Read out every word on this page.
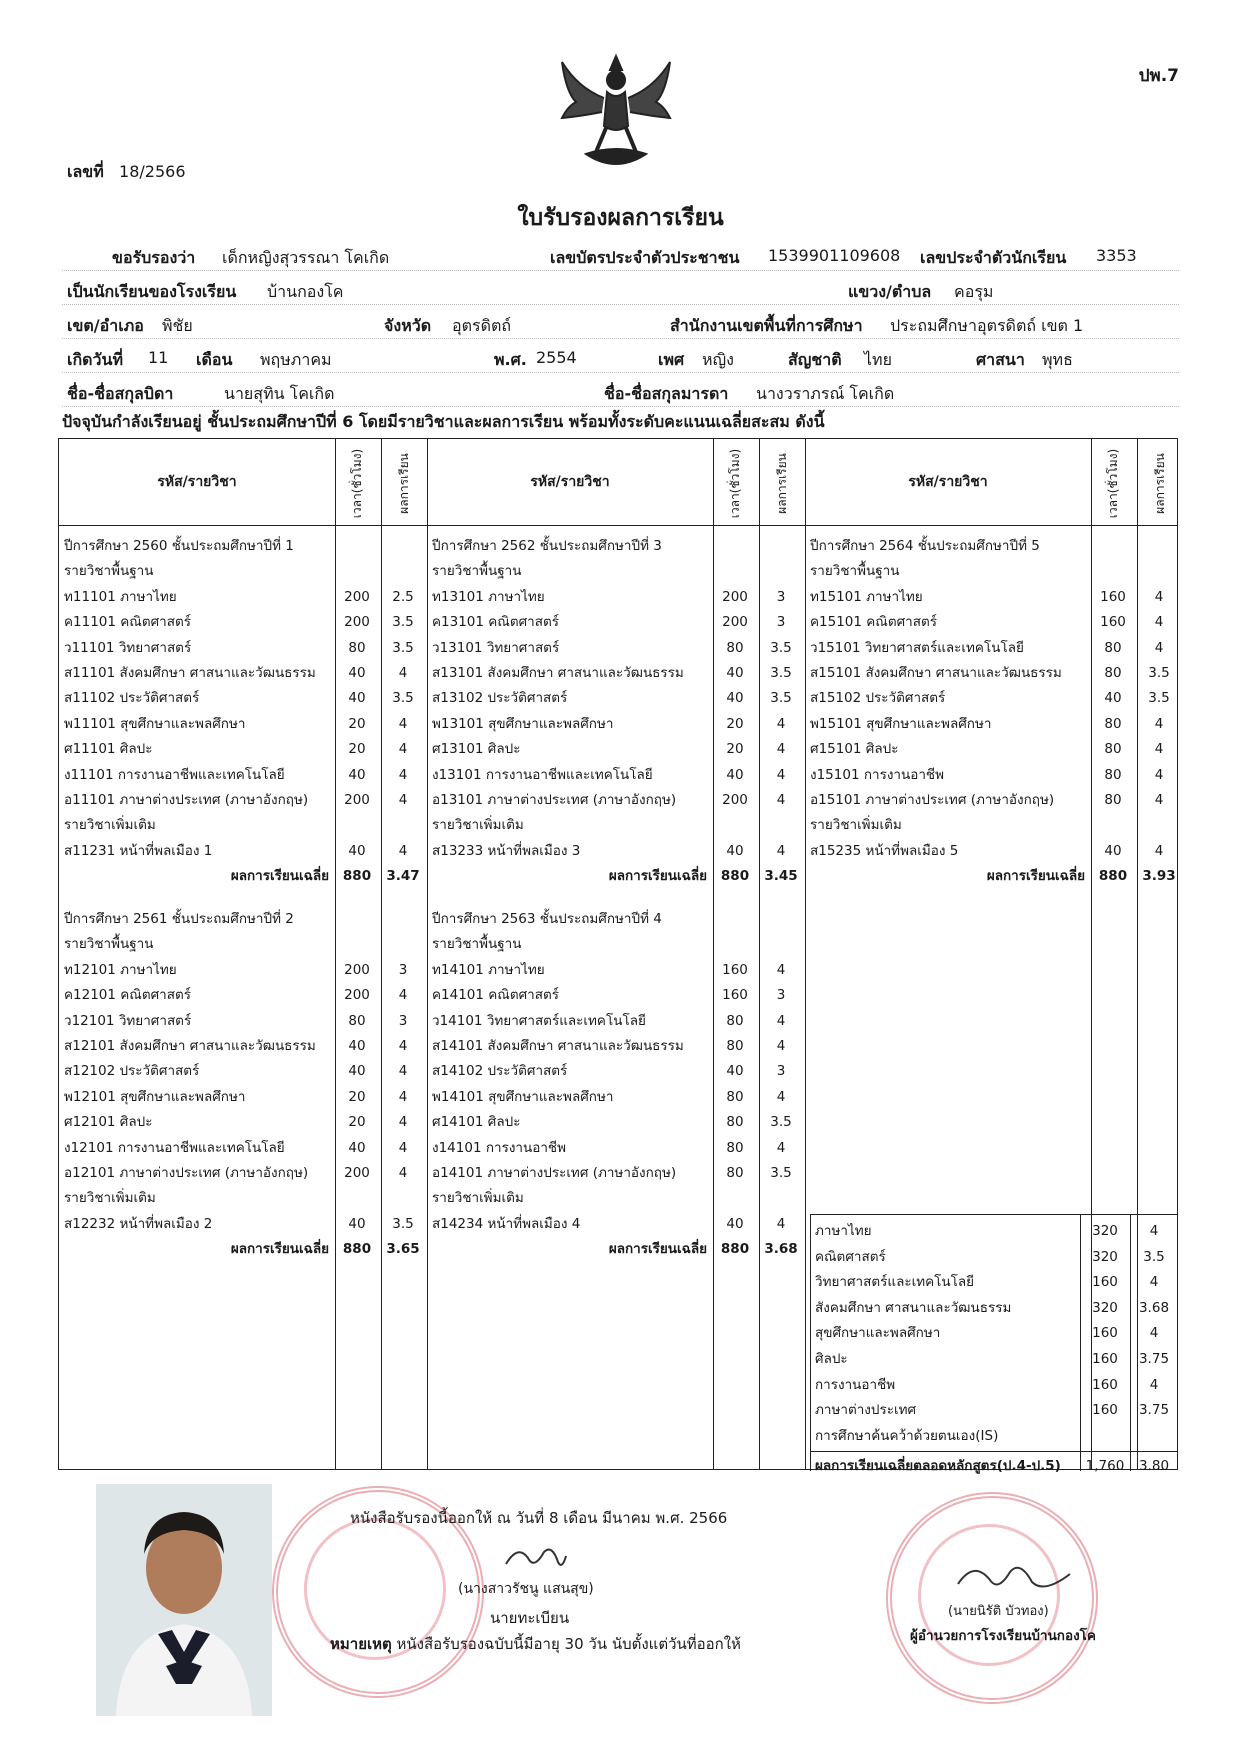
ปพ.7
เลขที่ 18/2566
ใบรับรองผลการเรียน
ขอรับรองว่า เด็กหญิงสุวรรณา โคเกิด	เลขบัตรประจำตัวประชาชน 1539901109608 เลขประจำตัวนักเรียน 3353
เป็นนักเรียนของโรงเรียน บ้านกองโค	แขวง/ตำบล คอรุม
เขต/อำเภอ พิชัย	จังหวัด อุตรดิตถ์	สำนักงานเขตพื้นที่การศึกษา ประถมศึกษาอุตรดิตถ์ เขต 1
เกิดวันที่ 11 เดือน พฤษภาคม	พ.ศ. 2554	เพศ หญิง	สัญชาติ ไทย	ศาสนา พุทธ
ชื่อ-ชื่อสกุลบิดา	นายสุทิน โคเกิด	ชื่อ-ชื่อสกุลมารดา นางวราภรณ์ โคเกิด
ปัจจุบันกำลังเรียนอยู่ ชั้นประถมศึกษาปีที่ 6 โดยมีรายวิชาและผลการเรียน พร้อมทั้งระดับคะแนนเฉลี่ยสะสม ดังนี้
รหัส/รายวิชา	เวลา(ชั่วโมง)	ผลการเรียน	รหัส/รายวิชา	เวลา(ชั่วโมง)	ผลการเรียน	รหัส/รายวิชา	เวลา(ชั่วโมง)	ผลการเรียน
ปีการศึกษา 2560 ชั้นประถมศึกษาปีที่ 1
รายวิชาพื้นฐาน
ท11101 ภาษาไทย	200	2.5
ค11101 คณิตศาสตร์	200	3.5
ว11101 วิทยาศาสตร์	80	3.5
ส11101 สังคมศึกษา ศาสนาและวัฒนธรรม	40	4
ส11102 ประวัติศาสตร์	40	3.5
พ11101 สุขศึกษาและพลศึกษา	20	4
ศ11101 ศิลปะ	20	4
ง11101 การงานอาชีพและเทคโนโลยี	40	4
อ11101 ภาษาต่างประเทศ (ภาษาอังกฤษ)	200	4
รายวิชาเพิ่มเติม
ส11231 หน้าที่พลเมือง 1	40	4
ผลการเรียนเฉลี่ย	880	3.47
ปีการศึกษา 2561 ชั้นประถมศึกษาปีที่ 2
รายวิชาพื้นฐาน
ท12101 ภาษาไทย	200	3
ค12101 คณิตศาสตร์	200	4
ว12101 วิทยาศาสตร์	80	3
ส12101 สังคมศึกษา ศาสนาและวัฒนธรรม	40	4
ส12102 ประวัติศาสตร์	40	4
พ12101 สุขศึกษาและพลศึกษา	20	4
ศ12101 ศิลปะ	20	4
ง12101 การงานอาชีพและเทคโนโลยี	40	4
อ12101 ภาษาต่างประเทศ (ภาษาอังกฤษ)	200	4
รายวิชาเพิ่มเติม
ส12232 หน้าที่พลเมือง 2	40	3.5
ผลการเรียนเฉลี่ย	880	3.65
ปีการศึกษา 2562 ชั้นประถมศึกษาปีที่ 3
รายวิชาพื้นฐาน
ท13101 ภาษาไทย	200	3
ค13101 คณิตศาสตร์	200	3
ว13101 วิทยาศาสตร์	80	3.5
ส13101 สังคมศึกษา ศาสนาและวัฒนธรรม	40	3.5
ส13102 ประวัติศาสตร์	40	3.5
พ13101 สุขศึกษาและพลศึกษา	20	4
ศ13101 ศิลปะ	20	4
ง13101 การงานอาชีพและเทคโนโลยี	40	4
อ13101 ภาษาต่างประเทศ (ภาษาอังกฤษ)	200	4
รายวิชาเพิ่มเติม
ส13233 หน้าที่พลเมือง 3	40	4
ผลการเรียนเฉลี่ย	880	3.45
ปีการศึกษา 2563 ชั้นประถมศึกษาปีที่ 4
รายวิชาพื้นฐาน
ท14101 ภาษาไทย	160	4
ค14101 คณิตศาสตร์	160	3
ว14101 วิทยาศาสตร์และเทคโนโลยี	80	4
ส14101 สังคมศึกษา ศาสนาและวัฒนธรรม	80	4
ส14102 ประวัติศาสตร์	40	3
พ14101 สุขศึกษาและพลศึกษา	80	4
ศ14101 ศิลปะ	80	3.5
ง14101 การงานอาชีพ	80	4
อ14101 ภาษาต่างประเทศ (ภาษาอังกฤษ)	80	3.5
รายวิชาเพิ่มเติม
ส14234 หน้าที่พลเมือง 4	40	4
ผลการเรียนเฉลี่ย	880	3.68
ปีการศึกษา 2564 ชั้นประถมศึกษาปีที่ 5
รายวิชาพื้นฐาน
ท15101 ภาษาไทย	160	4
ค15101 คณิตศาสตร์	160	4
ว15101 วิทยาศาสตร์และเทคโนโลยี	80	4
ส15101 สังคมศึกษา ศาสนาและวัฒนธรรม	80	3.5
ส15102 ประวัติศาสตร์	40	3.5
พ15101 สุขศึกษาและพลศึกษา	80	4
ศ15101 ศิลปะ	80	4
ง15101 การงานอาชีพ	80	4
อ15101 ภาษาต่างประเทศ (ภาษาอังกฤษ)	80	4
รายวิชาเพิ่มเติม
ส15235 หน้าที่พลเมือง 5	40	4
ผลการเรียนเฉลี่ย	880	3.93
ภาษาไทย	320	4
คณิตศาสตร์	320	3.5
วิทยาศาสตร์และเทคโนโลยี	160	4
สังคมศึกษา ศาสนาและวัฒนธรรม	320	3.68
สุขศึกษาและพลศึกษา	160	4
ศิลปะ	160	3.75
การงานอาชีพ	160	4
ภาษาต่างประเทศ	160	3.75
การศึกษาค้นคว้าด้วยตนเอง(IS)
ผลการเรียนเฉลี่ยตลอดหลักสูตร(ป.4-ป.5)	1,760	3.80
หนังสือรับรองนี้ออกให้ ณ วันที่ 8 เดือน มีนาคม พ.ศ. 2566
(นางสาวรัชนู แสนสุข)
นายทะเบียน
หมายเหตุ หนังสือรับรองฉบับนี้มีอายุ 30 วัน นับตั้งแต่วันที่ออกให้
(นายนิรัติ บัวทอง)
ผู้อำนวยการโรงเรียนบ้านกองโค
